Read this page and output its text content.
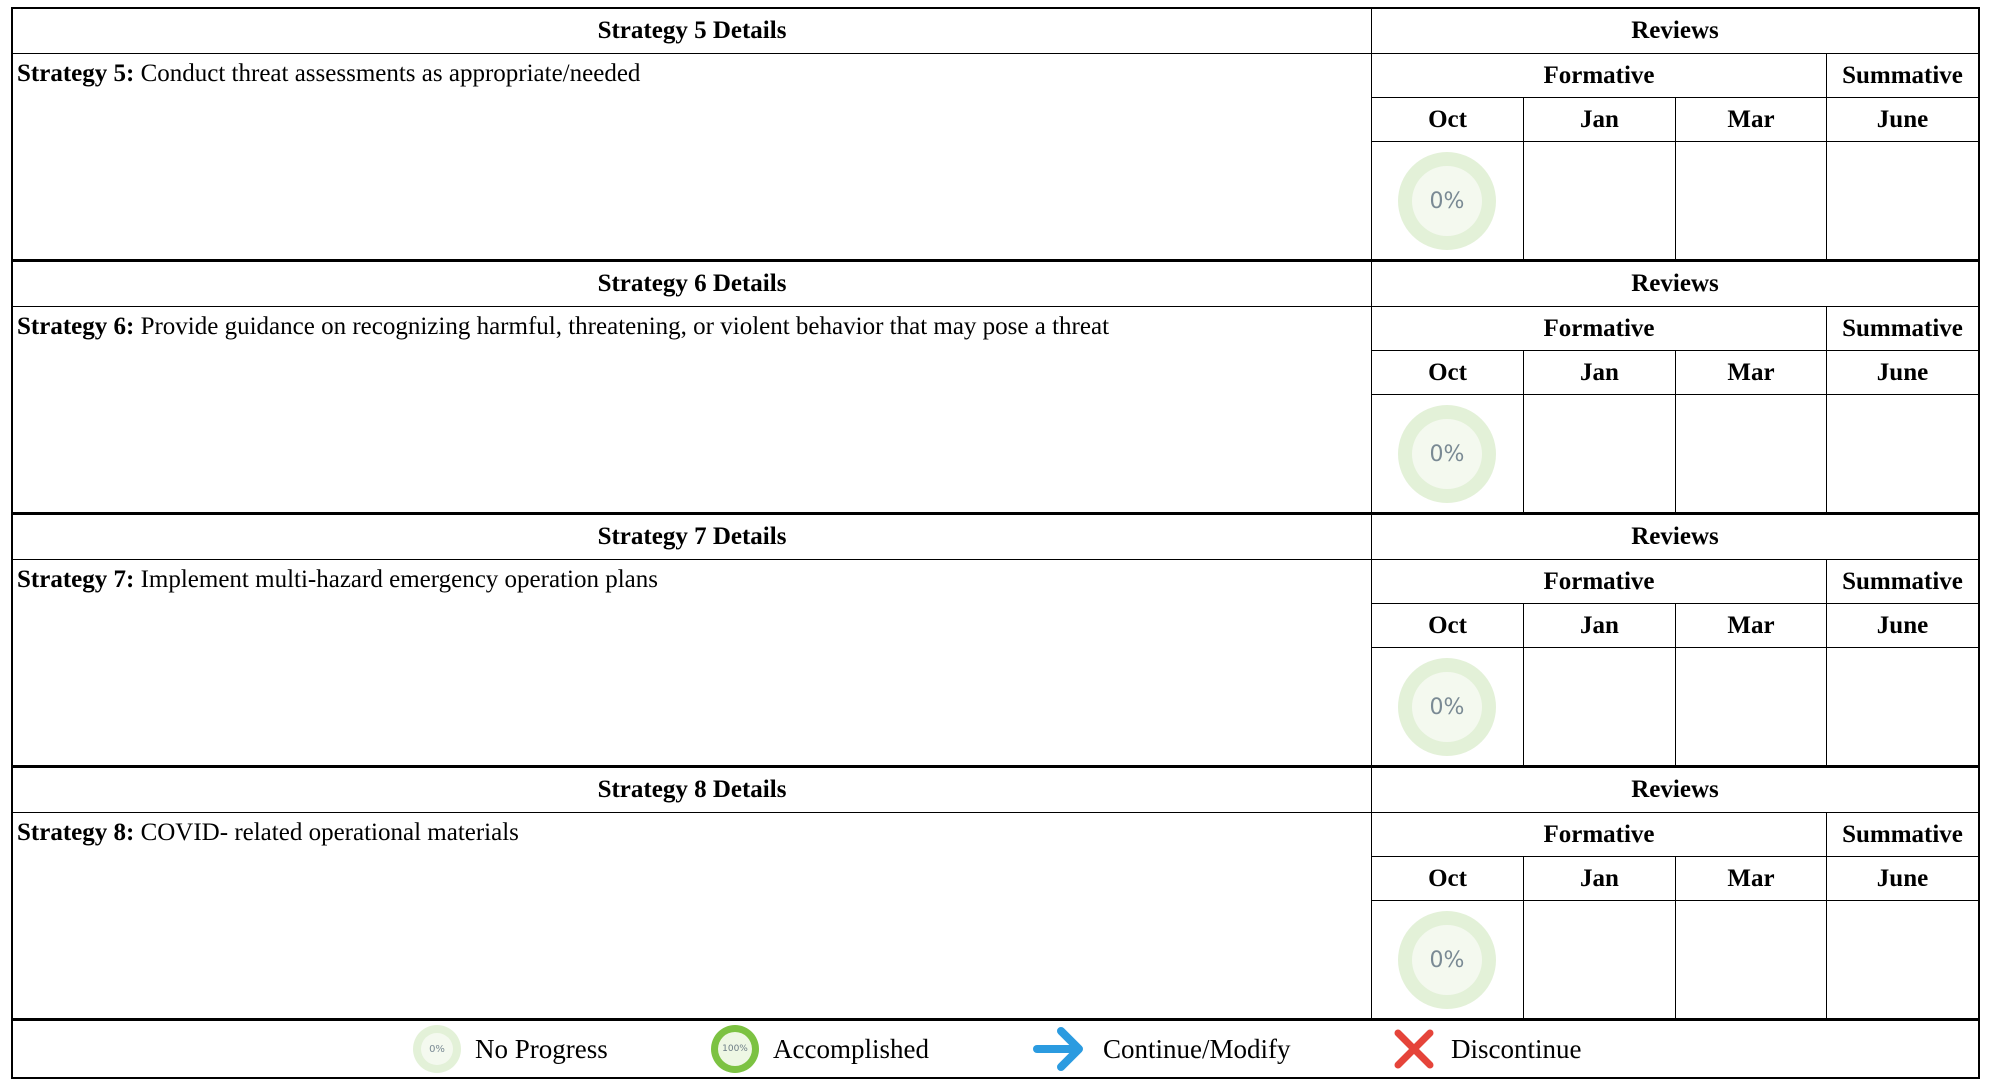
Strategy 5 Details	Reviews
Strategy 5: Conduct threat assessments as appropriate/needed	Formative	Summative
Oct	Jan	Mar	June
0%
Strategy 6 Details	Reviews
Strategy 6: Provide guidance on recognizing harmful, threatening, or violent behavior that may pose a threat	Formative	Summative
Oct	Jan	Mar	June
0%
Strategy 7 Details	Reviews
Strategy 7: Implement multi-hazard emergency operation plans	Formative	Summative
Oct	Jan	Mar	June
0%
Strategy 8 Details	Reviews
Strategy 8: COVID- related operational materials	Formative	Summative
Oct	Jan	Mar	June
0%
0% No Progress	100% Accomplished	Continue/Modify	Discontinue
